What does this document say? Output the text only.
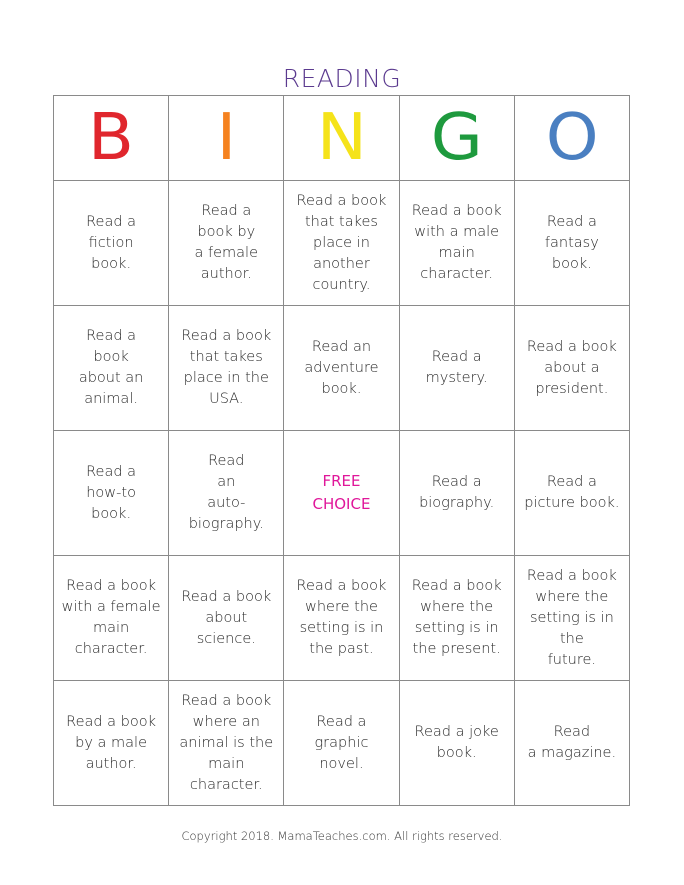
READING
B	I	N	G	O

Read a
fiction
book.	Read a
book by
a female
author.	Read a book
that takes
place in
another
country.	Read a book
with a male
main
character.	Read a
fantasy
book.

Read a
book
about an
animal.	Read a book
that takes
place in the
USA.	Read an
adventure
book.	Read a
mystery.	Read a book
about a
president.

Read a
how-to
book.	Read
an
auto-
biography.	FREE
CHOICE	Read a
biography.	Read a
picture book.

Read a book
with a female
main character.	Read a book
about
science.	Read a book
where the
setting is in
the past.	Read a book
where the
setting is in
the present.	Read a book
where the
setting is in the
future.

Read a book
by a male
author.	Read a book
where an
animal is the
main
character.	Read a
graphic
novel.	Read a joke
book.	Read
a magazine.
Copyright 2018. MamaTeaches.com. All rights reserved.
